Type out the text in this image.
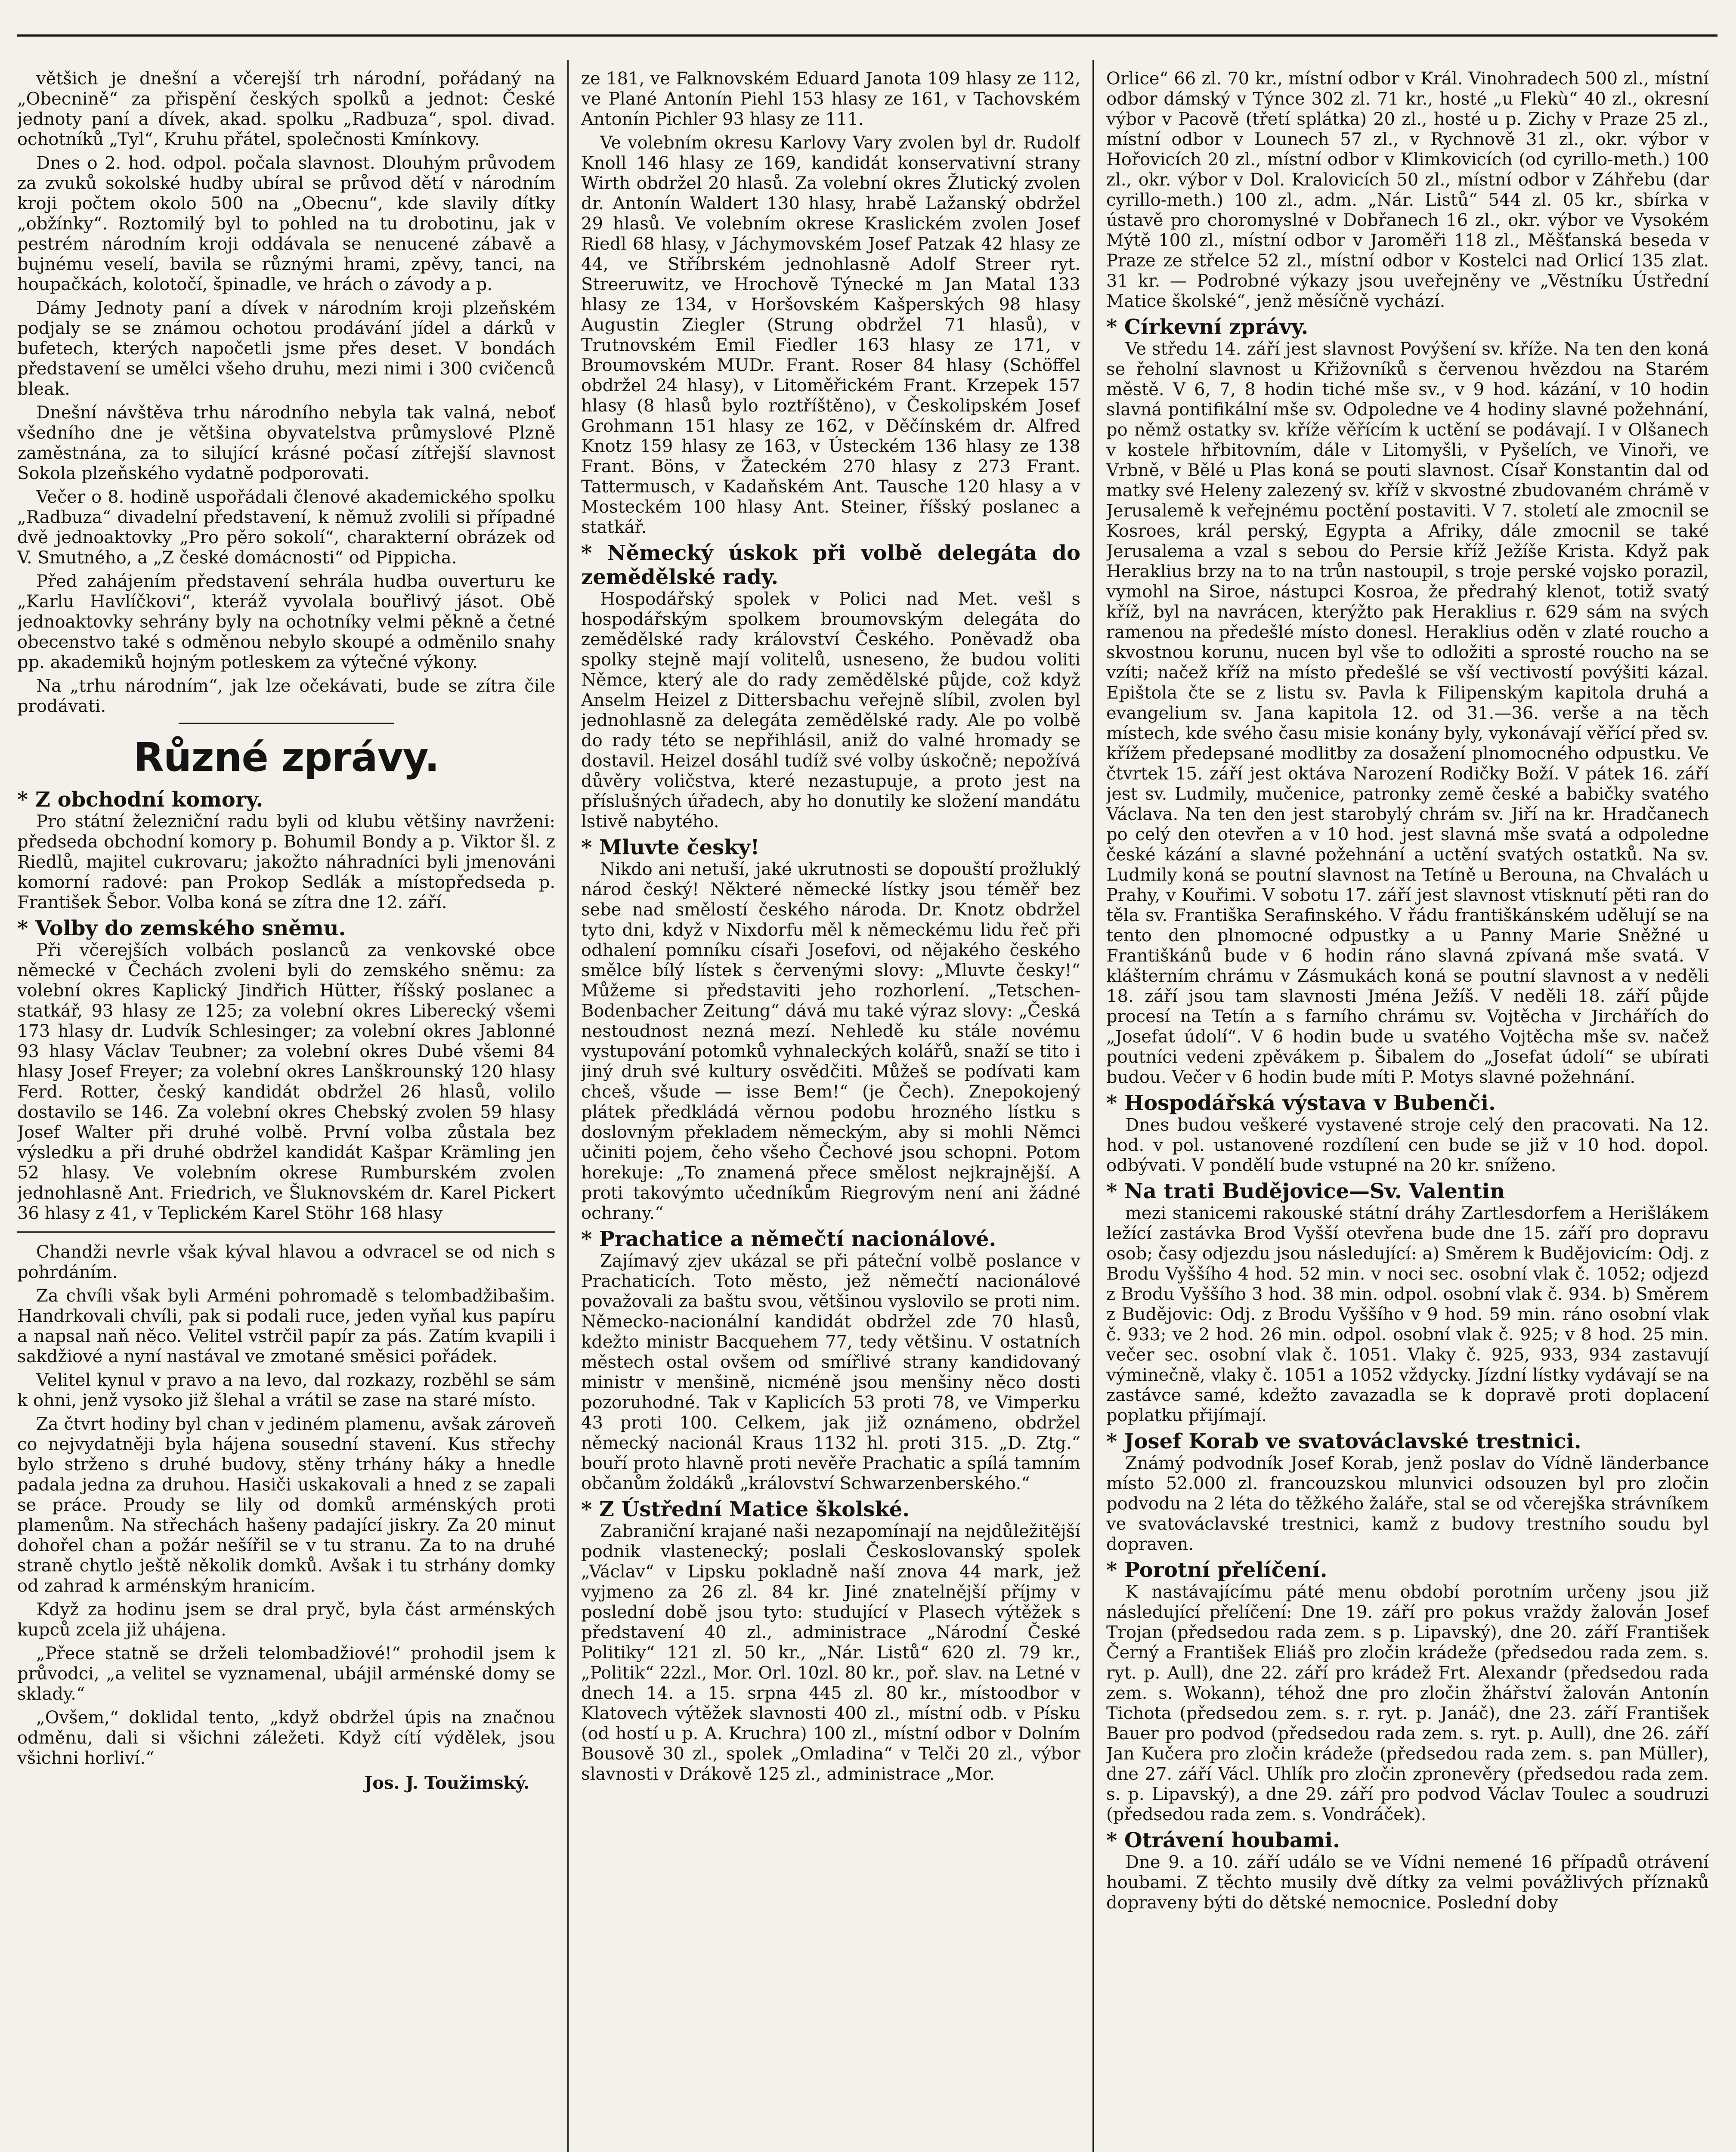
většich je dnešní a včerejší trh národní, pořádaný na „Obecnině“ za přispění českých spolků a jednot: České jednoty paní a dívek, akad. spolku „Radbuza“, spol. divad. ochotníků „Tyl“, Kruhu přátel, společnosti Kmínkovy.

Dnes o 2. hod. odpol. počala slavnost. Dlouhým průvodem za zvuků sokolské hudby ubíral se průvod dětí v národním kroji počtem okolo 500 na „Obecnu“, kde slavily dítky „obžínky“. Roztomilý byl to pohled na tu drobotinu, jak v pestrém národním kroji oddávala se nenucené zábavě a bujnému veselí, bavila se různými hrami, zpěvy, tanci, na houpačkách, kolotočí, špinadle, ve hrách o závody a p.

Dámy Jednoty paní a dívek v národním kroji plzeňském podjaly se se známou ochotou prodávání jídel a dárků v bufetech, kterých napočetli jsme přes deset. V bondách představení se umělci všeho druhu, mezi nimi i 300 cvičenců bleak.

Dnešní návštěva trhu národního nebyla tak valná, neboť všedního dne je většina obyvatelstva průmyslové Plzně zaměstnána, za to silující krásné počasí zítřejší slavnost Sokola plzeňského vydatně podporovati.

Večer o 8. hodině uspořádali členové akademického spolku „Radbuza“ divadelní představení, k němuž zvolili si případné dvě jednoaktovky „Pro pěro sokolí“, charakterní obrázek od V. Smutného, a „Z české domácnosti“ od Pippicha.

Před zahájením představení sehrála hudba ouverturu ke „Karlu Havlíčkovi“, kteráž vyvolala bouřlivý jásot. Obě jednoaktovky sehrány byly na ochotníky velmi pěkně a četné obecenstvo také s odměnou nebylo skoupé a odměnilo snahy pp. akademiků hojným potleskem za výtečné výkony.

Na „trhu národním“, jak lze očekávati, bude se zítra čile prodávati.

Různé zprávy.
* Z obchodní komory.

Pro státní železniční radu byli od klubu většiny navrženi: předseda obchodní komory p. Bohumil Bondy a p. Viktor šl. z Riedlů, majitel cukrovaru; jakožto náhradníci byli jmenováni komorní radové: pan Prokop Sedlák a místopředseda p. František Šebor. Volba koná se zítra dne 12. září.

* Volby do zemského sněmu.

Při včerejších volbách poslanců za venkovské obce německé v Čechách zvoleni byli do zemského sněmu: za volební okres Kaplický Jindřich Hütter, říšský poslanec a statkář, 93 hlasy ze 125; za volební okres Liberecký všemi 173 hlasy dr. Ludvík Schlesinger; za volební okres Jablonné 93 hlasy Václav Teubner; za volební okres Dubé všemi 84 hlasy Josef Freyer; za volební okres Lanškrounský 120 hlasy Ferd. Rotter, český kandidát obdržel 26 hlasů, volilo dostavilo se 146. Za volební okres Chebský zvolen 59 hlasy Josef Walter při druhé volbě. První volba zůstala bez výsledku a při druhé obdržel kandidát Kašpar Krämling jen 52 hlasy. Ve volebním okrese Rumburském zvolen jednohlasně Ant. Friedrich, ve Šluknovském dr. Karel Pickert 36 hlasy z 41, v Teplickém Karel Stöhr 168 hlasy

Chandži nevrle však kýval hlavou a odvracel se od nich s pohrdáním.

Za chvíli však byli Arméni pohromadě s telombadžibašim. Handrkovali chvíli, pak si podali ruce, jeden vyňal kus papíru a napsal naň něco. Velitel vstrčil papír za pás. Zatím kvapili i sakdžiové a nyní nastával ve zmotané směsici pořádek.

Velitel kynul v pravo a na levo, dal rozkazy, rozběhl se sám k ohni, jenž vysoko již šlehal a vrátil se zase na staré místo.

Za čtvrt hodiny byl chan v jediném plamenu, avšak zároveň co nejvydatněji byla hájena sousední stavení. Kus střechy bylo strženo s druhé budovy, stěny trhány háky a hnedle padala jedna za druhou. Hasiči uskakovali a hned z se zapali se práce. Proudy se lily od domků arménských proti plamenům. Na střechách hašeny padající jiskry. Za 20 minut dohořel chan a požár nešířil se v tu stranu. Za to na druhé straně chytlo ještě několik domků. Avšak i tu strhány domky od zahrad k arménským hranicím.

Když za hodinu jsem se dral pryč, byla část arménských kupců zcela již uhájena.

„Přece statně se drželi telombadžiové!“ prohodil jsem k průvodci, „a velitel se vyznamenal, ubájil arménské domy se sklady.“

„Ovšem,“ doklidal tento, „když obdržel úpis na značnou odměnu, dali si všichni záležeti. Když cítí výdělek, jsou všichni horliví.“

Jos. J. Toužimský.

ze 181, ve Falknovském Eduard Janota 109 hlasy ze 112, ve Plané Antonín Piehl 153 hlasy ze 161, v Tachovském Antonín Pichler 93 hlasy ze 111.

Ve volebním okresu Karlovy Vary zvolen byl dr. Rudolf Knoll 146 hlasy ze 169, kandidát konservativní strany Wirth obdržel 20 hlasů. Za volební okres Žlutický zvolen dr. Antonín Waldert 130 hlasy, hrabě Lažanský obdržel 29 hlasů. Ve volebním okrese Kraslickém zvolen Josef Riedl 68 hlasy, v Jáchymovském Josef Patzak 42 hlasy ze 44, ve Stříbrském jednohlasně Adolf Streer ryt. Streeruwitz, ve Hrochově Týnecké m Jan Matal 133 hlasy ze 134, v Horšovském Kašperských 98 hlasy Augustin Ziegler (Strung obdržel 71 hlasů), v Trutnovském Emil Fiedler 163 hlasy ze 171, v Broumovském MUDr. Frant. Roser 84 hlasy (Schöffel obdržel 24 hlasy), v Litoměřickém Frant. Krzepek 157 hlasy (8 hlasů bylo roztříštěno), v Českolipském Josef Grohmann 151 hlasy ze 162, v Děčínském dr. Alfred Knotz 159 hlasy ze 163, v Ústeckém 136 hlasy ze 138 Frant. Böns, v Žateckém 270 hlasy z 273 Frant. Tattermusch, v Kadaňském Ant. Tausche 120 hlasy a v Mosteckém 100 hlasy Ant. Steiner, říšský poslanec a statkář.

* Německý úskok při volbě delegáta do zemědělské rady.

Hospodářský spolek v Polici nad Met. vešl s hospodářským spolkem broumovským delegáta do zemědělské rady království Českého. Poněvadž oba spolky stejně mají volitelů, usneseno, že budou voliti Němce, který ale do rady zemědělské půjde, což když Anselm Heizel z Dittersbachu veřejně slíbil, zvolen byl jednohlasně za delegáta zemědělské rady. Ale po volbě do rady této se nepřihlásil, aniž do valné hromady se dostavil. Heizel dosáhl tudíž své volby úskočně; nepožívá důvěry voličstva, které nezastupuje, a proto jest na příslušných úřadech, aby ho donutily ke složení mandátu lstivě nabytého.

* Mluvte česky!

Nikdo ani netuší, jaké ukrutnosti se dopouští prožluklý národ český! Některé německé lístky jsou téměř bez sebe nad smělostí českého národa. Dr. Knotz obdržel tyto dni, když v Nixdorfu měl k německému lidu řeč při odhalení pomníku císaři Josefovi, od nějakého českého smělce bílý lístek s červenými slovy: „Mluvte česky!“ Můžeme si představiti jeho rozhorlení. „Tetschen-Bodenbacher Zeitung“ dává mu také výraz slovy: „Česká nestoudnost nezná mezí. Nehledě ku stále novému vystupování potomků vyhnaleckých kolářů, snaží se tito i jiný druh své kultury osvědčiti. Můžeš se podívati kam chceš, všude — isse Bem!“ (je Čech). Znepokojený plátek předkládá věrnou podobu hrozného lístku s doslovným překladem německým, aby si mohli Němci učiniti pojem, čeho všeho Čechové jsou schopni. Potom horekuje: „To znamená přece smělost nejkrajnější. A proti takovýmto učedníkům Riegrovým není ani žádné ochrany.“

* Prachatice a němečtí nacionálové.

Zajímavý zjev ukázal se při páteční volbě poslance v Prachaticích. Toto město, jež němečtí nacionálové považovali za baštu svou, většinou vyslovilo se proti nim. Německo-nacionální kandidát obdržel zde 70 hlasů, kdežto ministr Bacquehem 77, tedy většinu. V ostatních městech ostal ovšem od smířlivé strany kandidovaný ministr v menšině, nicméně jsou menšiny něco dosti pozoruhodné. Tak v Kaplicích 53 proti 78, ve Vimperku 43 proti 100. Celkem, jak již oznámeno, obdržel německý nacionál Kraus 1132 hl. proti 315. „D. Ztg.“ bouří proto hlavně proti nevěře Prachatic a spílá tamním občanům žoldáků „království Schwarzenberského.“

* Z Ústřední Matice školské.

Zabraniční krajané naši nezapomínají na nejdůležitější podnik vlastenecký; poslali Českoslovanský spolek „Václav“ v Lipsku pokladně naší znova 44 mark, jež vyjmeno za 26 zl. 84 kr. Jiné znatelnější příjmy v poslední době jsou tyto: studující v Plasech výtěžek s představení 40 zl., administrace „Národní České Politiky“ 121 zl. 50 kr., „Nár. Listů“ 620 zl. 79 kr., „Politik“ 22zl., Mor. Orl. 10zl. 80 kr., poř. slav. na Letné v dnech 14. a 15. srpna 445 zl. 80 kr., místoodbor v Klatovech výtěžek slavnosti 400 zl., místní odb. v Písku (od hostí u p. A. Kruchra) 100 zl., místní odbor v Dolním Bousově 30 zl., spolek „Omladina“ v Telči 20 zl., výbor slavnosti v Drákově 125 zl., administrace „Mor.

Orlice“ 66 zl. 70 kr., místní odbor v Král. Vinohradech 500 zl., místní odbor dámský v Týnce 302 zl. 71 kr., hosté „u Flekù“ 40 zl., okresní výbor v Pacově (třetí splátka) 20 zl., hosté u p. Zichy v Praze 25 zl., místní odbor v Lounech 57 zl., v Rychnově 31 zl., okr. výbor v Hořovicích 20 zl., místní odbor v Klimkovicích (od cyrillo-meth.) 100 zl., okr. výbor v Dol. Kralovicích 50 zl., místní odbor v Záhřebu (dar cyrillo-meth.) 100 zl., adm. „Nár. Listů“ 544 zl. 05 kr., sbírka v ústavě pro choromyslné v Dobřanech 16 zl., okr. výbor ve Vysokém Mýtě 100 zl., místní odbor v Jaroměři 118 zl., Měšťanská beseda v Praze ze střelce 52 zl., místní odbor v Kostelci nad Orlicí 135 zlat. 31 kr. — Podrobné výkazy jsou uveřejněny ve „Věstníku Ústřední Matice školské“, jenž měsíčně vychází.

* Církevní zprávy.

Ve středu 14. září jest slavnost Povýšení sv. kříže. Na ten den koná se řeholní slavnost u Křižovníků s červenou hvězdou na Starém městě. V 6, 7, 8 hodin tiché mše sv., v 9 hod. kázání, v 10 hodin slavná pontifikální mše sv. Odpoledne ve 4 hodiny slavné požehnání, po němž ostatky sv. kříže věřícím k uctění se podávají. I v Olšanech v kostele hřbitovním, dále v Litomyšli, v Pyšelích, ve Vinoři, ve Vrbně, v Bělé u Plas koná se pouti slavnost. Císař Konstantin dal od matky své Heleny zalezený sv. kříž v skvostné zbudovaném chrámě v Jerusalemě k veřejnému poctění postaviti. V 7. století ale zmocnil se Kosroes, král perský, Egypta a Afriky, dále zmocnil se také Jerusalema a vzal s sebou do Persie kříž Ježíše Krista. Když pak Heraklius brzy na to na trůn nastoupil, s troje perské vojsko porazil, vymohl na Siroe, nástupci Kosroa, že předrahý klenot, totiž svatý kříž, byl na navrácen, kterýžto pak Heraklius r. 629 sám na svých ramenou na předešlé místo donesl. Heraklius oděn v zlaté roucho a skvostnou korunu, nucen byl vše to odložiti a sprosté roucho na se vzíti; načež kříž na místo předešlé se vší vectivostí povýšiti kázal. Epištola čte se z listu sv. Pavla k Filipenským kapitola druhá a evangelium sv. Jana kapitola 12. od 31.—36. verše a na těch místech, kde svého času misie konány byly, vykonávají věřící před sv. křížem předepsané modlitby za dosažení plnomocného odpustku. Ve čtvrtek 15. září jest oktáva Narození Rodičky Boží. V pátek 16. září jest sv. Ludmily, mučenice, patronky země české a babičky svatého Václava. Na ten den jest starobylý chrám sv. Jiří na kr. Hradčanech po celý den otevřen a v 10 hod. jest slavná mše svatá a odpoledne české kázání a slavné požehnání a uctění svatých ostatků. Na sv. Ludmily koná se poutní slavnost na Tetíně u Berouna, na Chvalách u Prahy, v Kouřimi. V sobotu 17. září jest slavnost vtisknutí pěti ran do těla sv. Františka Serafinského. V řádu františkánském udělují se na tento den plnomocné odpustky a u Panny Marie Sněžné u Františkánů bude v 6 hodin ráno slavná zpívaná mše svatá. V klášterním chrámu v Zásmukách koná se poutní slavnost a v neděli 18. září jsou tam slavnosti Jména Ježíš. V neděli 18. září půjde procesí na Tetín a s farního chrámu sv. Vojtěcha v Jirchářích do „Josefat údolí“. V 6 hodin bude u svatého Vojtěcha mše sv. načež poutníci vedeni zpěvákem p. Šibalem do „Josefat údolí“ se ubírati budou. Večer v 6 hodin bude míti P. Motys slavné požehnání.

* Hospodářská výstava v Bubenči.

Dnes budou veškeré vystavené stroje celý den pracovati. Na 12. hod. v pol. ustanovené rozdílení cen bude se již v 10 hod. dopol. odbývati. V pondělí bude vstupné na 20 kr. sníženo.

* Na trati Budějovice—Sv. Valentin

mezi stanicemi rakouské státní dráhy Zartlesdorfem a Herišlákem ležící zastávka Brod Vyšší otevřena bude dne 15. září pro dopravu osob; časy odjezdu jsou následující: a) Směrem k Budějovicím: Odj. z Brodu Vyššího 4 hod. 52 min. v noci sec. osobní vlak č. 1052; odjezd z Brodu Vyššího 3 hod. 38 min. odpol. osobní vlak č. 934. b) Směrem z Budějovic: Odj. z Brodu Vyššího v 9 hod. 59 min. ráno osobní vlak č. 933; ve 2 hod. 26 min. odpol. osobní vlak č. 925; v 8 hod. 25 min. večer sec. osobní vlak č. 1051. Vlaky č. 925, 933, 934 zastavují výminečně, vlaky č. 1051 a 1052 vždycky. Jízdní lístky vydávají se na zastávce samé, kdežto zavazadla se k dopravě proti doplacení poplatku přijímají.

* Josef Korab ve svatováclavské trestnici.

Známý podvodník Josef Korab, jenž poslav do Vídně länderbance místo 52.000 zl. francouzskou mlunvici odsouzen byl pro zločin podvodu na 2 léta do těžkého žaláře, stal se od včerejška strávníkem ve svatováclavské trestnici, kamž z budovy trestního soudu byl dopraven.

* Porotní přelíčení.

K nastávajícímu páté menu období porotním určeny jsou již následující přelíčení: Dne 19. září pro pokus vraždy žalován Josef Trojan (předsedou rada zem. s p. Lipavský), dne 20. září František Černý a František Eliáš pro zločin krádeže (předsedou rada zem. s. ryt. p. Aull), dne 22. září pro krádež Frt. Alexandr (předsedou rada zem. s. Wokann), téhož dne pro zločin žhářství žalován Antonín Tichota (předsedou zem. s. r. ryt. p. Janáč), dne 23. září František Bauer pro podvod (předsedou rada zem. s. ryt. p. Aull), dne 26. září Jan Kučera pro zločin krádeže (předsedou rada zem. s. pan Müller), dne 27. září Václ. Uhlík pro zločin zpronevěry (předsedou rada zem. s. p. Lipavský), a dne 29. září pro podvod Václav Toulec a soudruzi (předsedou rada zem. s. Vondráček).

* Otrávení houbami.

Dne 9. a 10. září událo se ve Vídni nemené 16 případů otrávení houbami. Z těchto musily dvě dítky za velmi povážlivých příznaků dopraveny býti do dětské nemocnice. Poslední doby
